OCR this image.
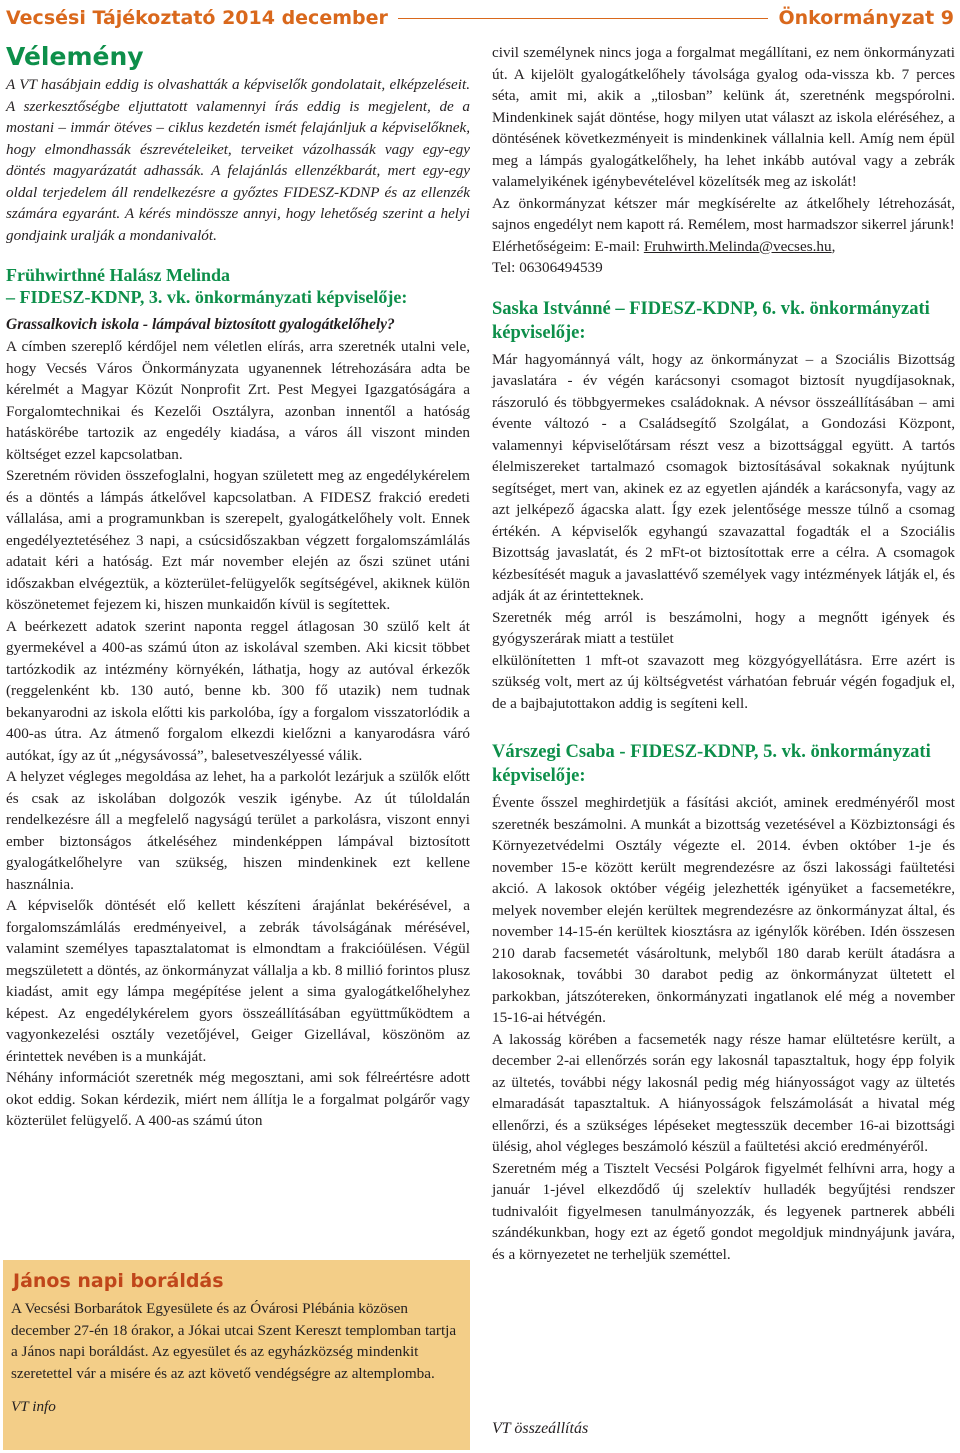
Vecsési Tájékoztató 2014 december	Önkormányzat 9
Vélemény

A VT hasábjain eddig is olvashatták a képviselők gondolatait, elképzeléseit. A szerkesztőségbe eljuttatott valamennyi írás eddig is megjelent, de a mostani – immár ötéves – ciklus kezdetén ismét felajánljuk a képviselőknek, hogy elmondhassák észrevételeiket, terveiket vázolhassák vagy egy-egy döntés magyarázatát adhassák. A felajánlás ellenzékbarát, mert egy-egy oldal terjedelem áll rendelkezésre a győztes FIDESZ-KDNP és az ellenzék számára egyaránt. A kérés mindössze annyi, hogy lehetőség szerint a helyi gondjaink uralják a mondanivalót.

Frühwirthné Halász Melinda

– FIDESZ-KDNP, 3. vk. önkormányzati képviselője:

Grassalkovich iskola - lámpával biztosított gyalogátkelőhely?

A címben szereplő kérdőjel nem véletlen elírás, arra szeretnék utalni vele, hogy Vecsés Város Önkormányzata ugyanennek létrehozására adta be kérelmét a Magyar Közút Nonprofit Zrt. Pest Megyei Igazgatóságára a Forgalomtechnikai és Kezelői Osztályra, azonban innentől a hatóság hatáskörébe tartozik az engedély kiadása, a város áll viszont minden költséget ezzel kapcsolatban.

Szeretném röviden összefoglalni, hogyan született meg az engedélykérelem és a döntés a lámpás átkelővel kapcsolatban. A FIDESZ frakció eredeti vállalása, ami a programunkban is szerepelt, gyalogátkelőhely volt. Ennek engedélyeztetéséhez 3 napi, a csúcsidőszakban végzett forgalomszámlálás adatait kéri a hatóság. Ezt már november elején az őszi szünet utáni időszakban elvégeztük, a közterület-felügyelők segítségével, akiknek külön köszönetemet fejezem ki, hiszen munkaidőn kívül is segítettek.

A beérkezett adatok szerint naponta reggel átlagosan 30 szülő kelt át gyermekével a 400-as számú úton az iskolával szemben. Aki kicsit többet tartózkodik az intézmény környékén, láthatja, hogy az autóval érkezők (reggelenként kb. 130 autó, benne kb. 300 fő utazik) nem tudnak bekanyarodni az iskola előtti kis parkolóba, így a forgalom visszatorlódik a 400-as útra. Az átmenő forgalom elkezdi kielőzni a kanyarodásra váró autókat, így az út „négysávossá”, balesetveszélyessé válik.

A helyzet végleges megoldása az lehet, ha a parkolót lezárjuk a szülők előtt és csak az iskolában dolgozók veszik igénybe. Az út túloldalán rendelkezésre áll a megfelelő nagyságú terület a parkolásra, viszont ennyi ember biztonságos átkeléséhez mindenképpen lámpával biztosított gyalogátkelőhelyre van szükség, hiszen mindenkinek ezt kellene használnia.

A képviselők döntését elő kellett készíteni árajánlat bekérésével, a forgalomszámlálás eredményeivel, a zebrák távolságának mérésével, valamint személyes tapasztalatomat is elmondtam a frakcióülésen. Végül megszületett a döntés, az önkormányzat vállalja a kb. 8 millió forintos plusz kiadást, amit egy lámpa megépítése jelent a sima gyalogátkelőhelyhez képest. Az engedélykérelem gyors összeállításában együttműködtem a vagyonkezelési osztály vezetőjével, Geiger Gizellával, köszönöm az érintettek nevében is a munkáját.

Néhány információt szeretnék még megosztani, ami sok félreértésre adott okot eddig. Sokan kérdezik, miért nem állítja le a forgalmat polgárőr vagy közterület felügyelő. A 400-as számú úton

János napi boráldás

A Vecsési Borbarátok Egyesülete és az Óvárosi Plébánia közösen december 27-én 18 órakor, a Jókai utcai Szent Kereszt templomban tartja a János napi boráldást. Az egyesület és az egyházközség mindenkit szeretettel vár a misére és az azt követő vendégségre az altemplomba.

VT info

civil személynek nincs joga a forgalmat megállítani, ez nem önkormányzati út. A kijelölt gyalogátkelőhely távolsága gyalog oda-vissza kb. 7 perces séta, amit mi, akik a „tilosban” kelünk át, szeretnénk megspórolni. Mindenkinek saját döntése, hogy milyen utat választ az iskola eléréséhez, a döntésének következményeit is mindenkinek vállalnia kell. Amíg nem épül meg a lámpás gyalogátkelőhely, ha lehet inkább autóval vagy a zebrák valamelyikének igénybevételével közelítsék meg az iskolát!

Az önkormányzat kétszer már megkísérelte az átkelőhely létrehozását, sajnos engedélyt nem kapott rá. Remélem, most harmadszor sikerrel járunk!

Elérhetőségeim: E-mail: Fruhwirth.Melinda@vecses.hu,

Tel: 06306494539

Saska Istvánné – FIDESZ-KDNP, 6. vk. önkormányzati képviselője:

Már hagyománnyá vált, hogy az önkormányzat – a Szociális Bizottság javaslatára - év végén karácsonyi csomagot biztosít nyugdíjasoknak, rászoruló és többgyermekes családoknak. A névsor összeállításában – ami évente változó - a Családsegítő Szolgálat, a Gondozási Központ, valamennyi képviselőtársam részt vesz a bizottsággal együtt. A tartós élelmiszereket tartalmazó csomagok biztosításával sokaknak nyújtunk segítséget, mert van, akinek ez az egyetlen ajándék a karácsonyfa, vagy az azt jelképező ágacska alatt. Így ezek jelentősége messze túlnő a csomag értékén. A képviselők egyhangú szavazattal fogadták el a Szociális Bizottság javaslatát, és 2 mFt-ot biztosítottak erre a célra. A csomagok kézbesítését maguk a javaslattévő személyek vagy intézmények látják el, és adják át az érintetteknek.

Szeretnék még arról is beszámolni, hogy a megnőtt igények és gyógyszerárak miatt a testület

elkülönítetten 1 mft-ot szavazott meg közgyógyellátásra. Erre azért is szükség volt, mert az új költségvetést várhatóan február végén fogadjuk el, de a bajbajutottakon addig is segíteni kell.

Várszegi Csaba - FIDESZ-KDNP, 5. vk. önkormányzati képviselője:

Évente ősszel meghirdetjük a fásítási akciót, aminek eredményéről most szeretnék beszámolni. A munkát a bizottság vezetésével a Közbiztonsági és Környezetvédelmi Osztály végezte el. 2014. évben október 1-je és november 15-e között került megrendezésre az őszi lakossági faültetési akció. A lakosok október végéig jelezhették igényüket a facsemetékre, melyek november elején kerültek megrendezésre az önkormányzat által, és november 14-15-én kerültek kiosztásra az igénylők körében. Idén összesen 210 darab facsemetét vásároltunk, melyből 180 darab került átadásra a lakosoknak, további 30 darabot pedig az önkormányzat ültetett el parkokban, játszótereken, önkormányzati ingatlanok elé még a november 15-16-ai hétvégén.

A lakosság körében a facsemeték nagy része hamar elültetésre került, a december 2-ai ellenőrzés során egy lakosnál tapasztaltuk, hogy épp folyik az ültetés, további négy lakosnál pedig még hiányosságot vagy az ültetés elmaradását tapasztaltuk. A hiányosságok felszámolását a hivatal még ellenőrzi, és a szükséges lépéseket megtesszük december 16-ai bizottsági ülésig, ahol végleges beszámoló készül a faültetési akció eredményéről.

Szeretném még a Tisztelt Vecsési Polgárok figyelmét felhívni arra, hogy a január 1-jével elkezdődő új szelektív hulladék begyűjtési rendszer tudnivalóit figyelmesen tanulmányozzák, és legyenek partnerek abbéli szándékunkban, hogy ezt az égető gondot megoldjuk mindnyájunk javára, és a környezetet ne terheljük szeméttel.

VT összeállítás
